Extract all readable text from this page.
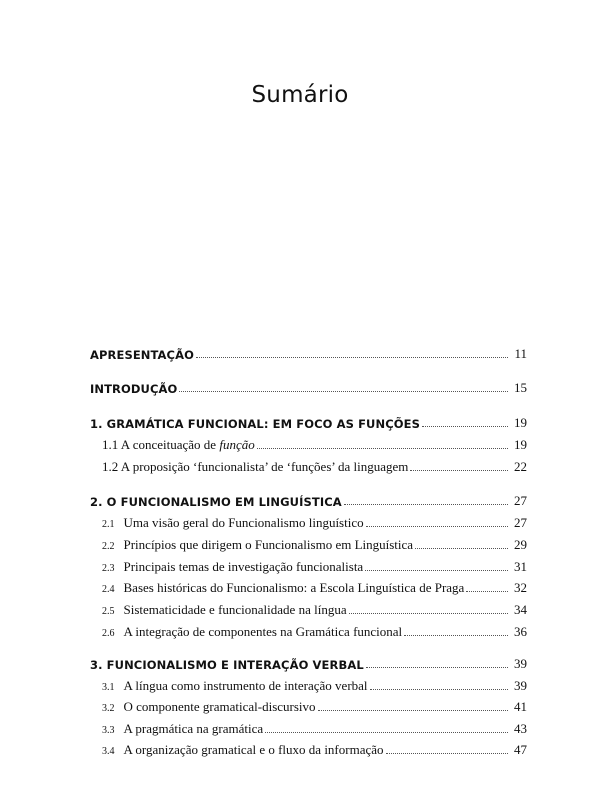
Sumário
APRESENTAÇÃO	11
INTRODUÇÃO	15
1. GRAMÁTICA FUNCIONAL: EM FOCO AS FUNÇÕES	19
1.1 A conceituação de função	19
1.2 A proposição ‘funcionalista’ de ‘funções’ da linguagem	22
2. O FUNCIONALISMO EM LINGUÍSTICA	27
2.1 Uma visão geral do Funcionalismo linguístico	27
2.2 Princípios que dirigem o Funcionalismo em Linguística	29
2.3 Principais temas de investigação funcionalista	31
2.4 Bases históricas do Funcionalismo: a Escola Linguística de Praga	32
2.5 Sistematicidade e funcionalidade na língua	34
2.6 A integração de componentes na Gramática funcional	36
3. FUNCIONALISMO E INTERAÇÃO VERBAL	39
3.1 A língua como instrumento de interação verbal	39
3.2 O componente gramatical-discursivo	41
3.3 A pragmática na gramática	43
3.4 A organização gramatical e o fluxo da informação	47
